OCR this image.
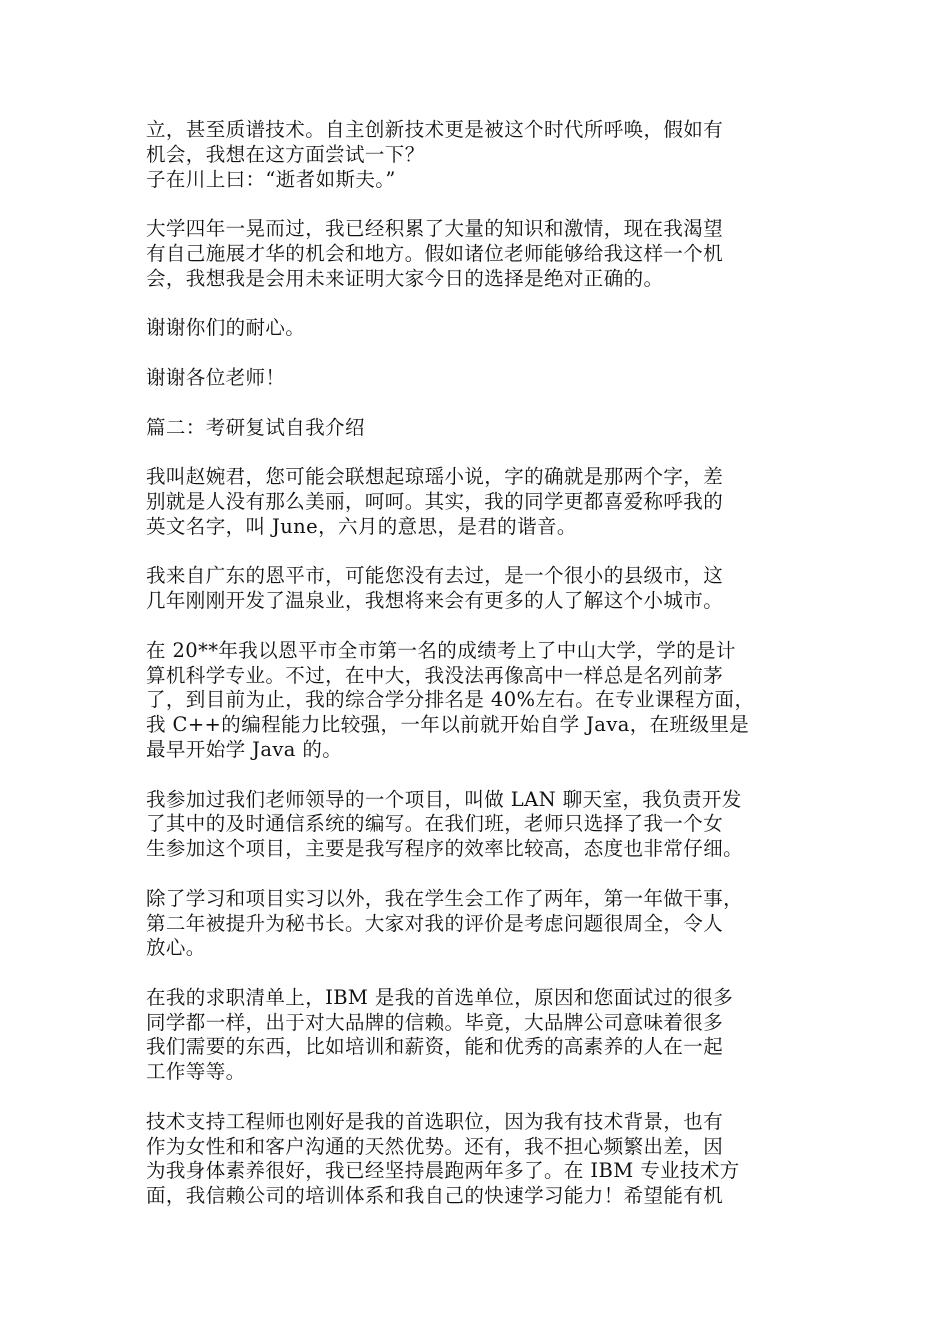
立，甚至质谱技术。自主创新技术更是被这个时代所呼唤，假如有
机会，我想在这方面尝试一下？
子在川上曰：“逝者如斯夫。”
大学四年一晃而过，我已经积累了大量的知识和激情，现在我渴望
有自己施展才华的机会和地方。假如诸位老师能够给我这样一个机
会，我想我是会用未来证明大家今日的选择是绝对正确的。
谢谢你们的耐心。
谢谢各位老师！
篇二：考研复试自我介绍
我叫赵婉君，您可能会联想起琼瑶小说，字的确就是那两个字，差
别就是人没有那么美丽，呵呵。其实，我的同学更都喜爱称呼我的
英文名字，叫 June，六月的意思，是君的谐音。
我来自广东的恩平市，可能您没有去过，是一个很小的县级市，这
几年刚刚开发了温泉业，我想将来会有更多的人了解这个小城市。
在 20**年我以恩平市全市第一名的成绩考上了中山大学，学的是计
算机科学专业。不过，在中大，我没法再像高中一样总是名列前茅
了，到目前为止，我的综合学分排名是 40%左右。在专业课程方面，
我 C++的编程能力比较强，一年以前就开始自学 Java，在班级里是
最早开始学 Java 的。
我参加过我们老师领导的一个项目，叫做 LAN 聊天室，我负责开发
了其中的及时通信系统的编写。在我们班，老师只选择了我一个女
生参加这个项目，主要是我写程序的效率比较高，态度也非常仔细。
除了学习和项目实习以外，我在学生会工作了两年，第一年做干事，
第二年被提升为秘书长。大家对我的评价是考虑问题很周全，令人
放心。
在我的求职清单上，IBM 是我的首选单位，原因和您面试过的很多
同学都一样，出于对大品牌的信赖。毕竟，大品牌公司意味着很多
我们需要的东西，比如培训和薪资，能和优秀的高素养的人在一起
工作等等。
技术支持工程师也刚好是我的首选职位，因为我有技术背景，也有
作为女性和和客户沟通的天然优势。还有，我不担心频繁出差，因
为我身体素养很好，我已经坚持晨跑两年多了。在 IBM 专业技术方
面，我信赖公司的培训体系和我自己的快速学习能力！希望能有机
